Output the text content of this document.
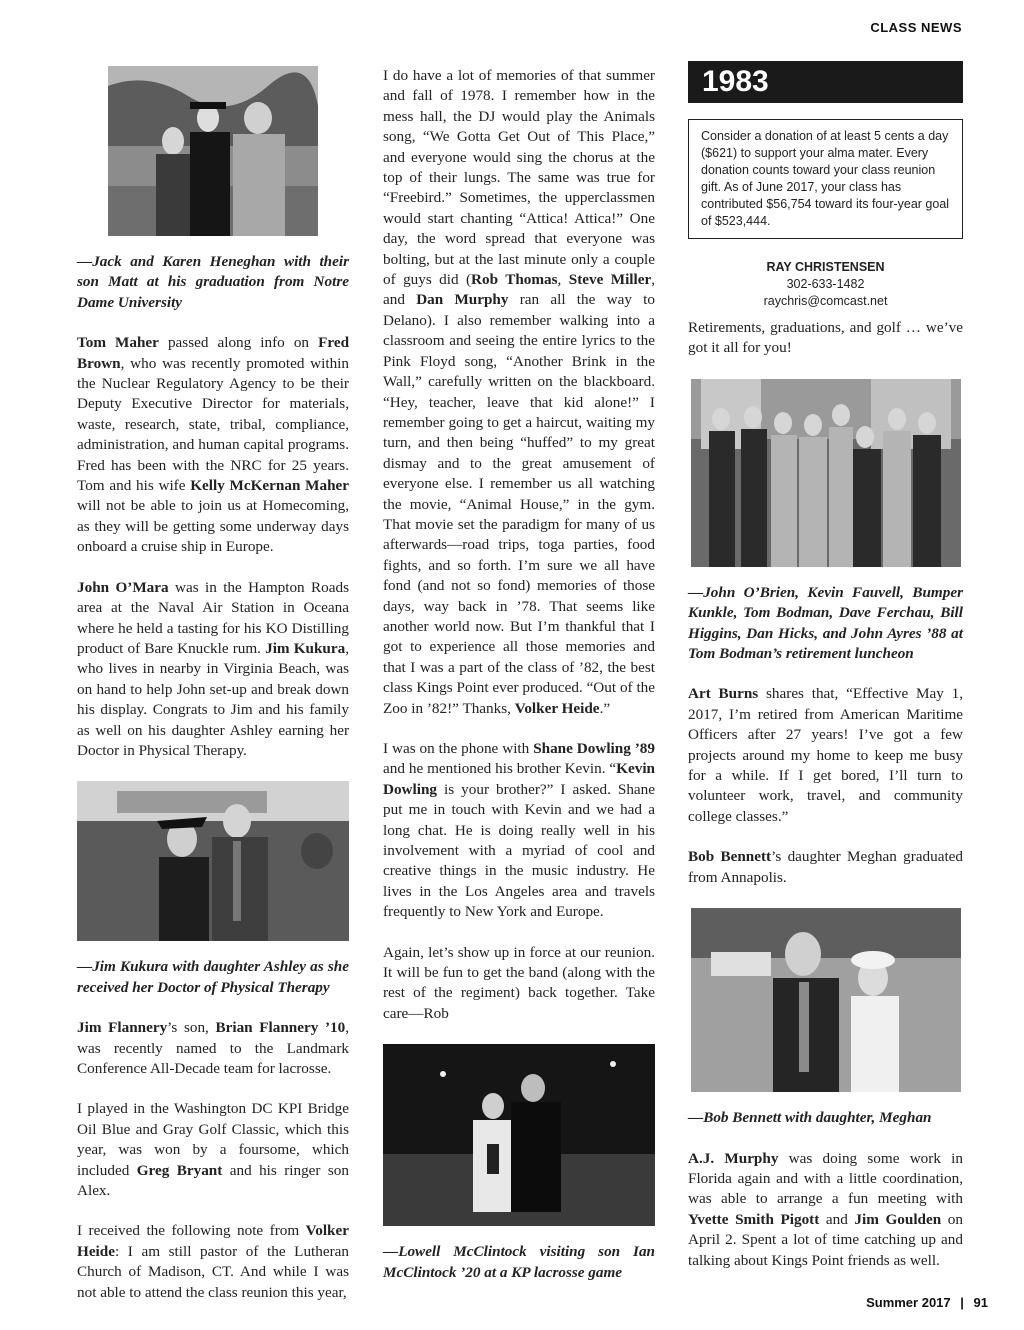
CLASS NEWS

—Jack and Karen Heneghan with their son Matt at his graduation from Notre Dame University

Tom Maher passed along info on Fred Brown, who was recently promoted within the Nuclear Regulatory Agency to be their Deputy Executive Director for materials, waste, research, state, tribal, compliance, administration, and human capital programs. Fred has been with the NRC for 25 years. Tom and his wife Kelly McKernan Maher will not be able to join us at Homecoming, as they will be getting some underway days onboard a cruise ship in Europe.

John O’Mara was in the Hampton Roads area at the Naval Air Station in Oceana where he held a tasting for his KO Distilling product of Bare Knuckle rum. Jim Kukura, who lives in nearby in Virginia Beach, was on hand to help John set-up and break down his display. Congrats to Jim and his family as well on his daughter Ashley earning her Doctor in Physical Therapy.

—Jim Kukura with daughter Ashley as she received her Doctor of Physical Therapy

Jim Flannery’s son, Brian Flannery ’10, was recently named to the Landmark Conference All-Decade team for lacrosse.

I played in the Washington DC KPI Bridge Oil Blue and Gray Golf Classic, which this year, was won by a foursome, which included Greg Bryant and his ringer son Alex.

I received the following note from Volker Heide: I am still pastor of the Lutheran Church of Madison, CT. And while I was not able to attend the class reunion this year,

I do have a lot of memories of that summer and fall of 1978. I remember how in the mess hall, the DJ would play the Animals song, “We Gotta Get Out of This Place,” and everyone would sing the chorus at the top of their lungs. The same was true for “Freebird.” Sometimes, the upperclassmen would start chanting “Attica! Attica!” One day, the word spread that everyone was bolting, but at the last minute only a couple of guys did (Rob Thomas, Steve Miller, and Dan Murphy ran all the way to Delano). I also remember walking into a classroom and seeing the entire lyrics to the Pink Floyd song, “Another Brink in the Wall,” carefully written on the blackboard. “Hey, teacher, leave that kid alone!” I remember going to get a haircut, waiting my turn, and then being “huffed” to my great dismay and to the great amusement of everyone else. I remember us all watching the movie, “Animal House,” in the gym. That movie set the paradigm for many of us afterwards—road trips, toga parties, food fights, and so forth. I’m sure we all have fond (and not so fond) memories of those days, way back in ’78. That seems like another world now. But I’m thankful that I got to experience all those memories and that I was a part of the class of ’82, the best class Kings Point ever produced. “Out of the Zoo in ’82!” Thanks, Volker Heide.”

I was on the phone with Shane Dowling ’89 and he mentioned his brother Kevin. “Kevin Dowling is your brother?” I asked. Shane put me in touch with Kevin and we had a long chat. He is doing really well in his involvement with a myriad of cool and creative things in the music industry. He lives in the Los Angeles area and travels frequently to New York and Europe.

Again, let’s show up in force at our reunion. It will be fun to get the band (along with the rest of the regiment) back together. Take care—Rob

—Lowell McClintock visiting son Ian McClintock ’20 at a KP lacrosse game

1983
Consider a donation of at least 5 cents a day ($621) to support your alma mater. Every donation counts toward your class reunion gift. As of June 2017, your class has contributed $56,754 toward its four-year goal of $523,444.
RAY CHRISTENSEN
302-633-1482
raychris@comcast.net

Retirements, graduations, and golf … we’ve got it all for you!

—John O’Brien, Kevin Fauvell, Bumper Kunkle, Tom Bodman, Dave Ferchau, Bill Higgins, Dan Hicks, and John Ayres ’88 at Tom Bodman’s retirement luncheon

Art Burns shares that, “Effective May 1, 2017, I’m retired from American Maritime Officers after 27 years! I’ve got a few projects around my home to keep me busy for a while. If I get bored, I’ll turn to volunteer work, travel, and community college classes.”

Bob Bennett’s daughter Meghan graduated from Annapolis.

—Bob Bennett with daughter, Meghan

A.J. Murphy was doing some work in Florida again and with a little coordination, was able to arrange a fun meeting with Yvette Smith Pigott and Jim Goulden on April 2. Spent a lot of time catching up and talking about Kings Point friends as well.

Summer 2017 | 91
